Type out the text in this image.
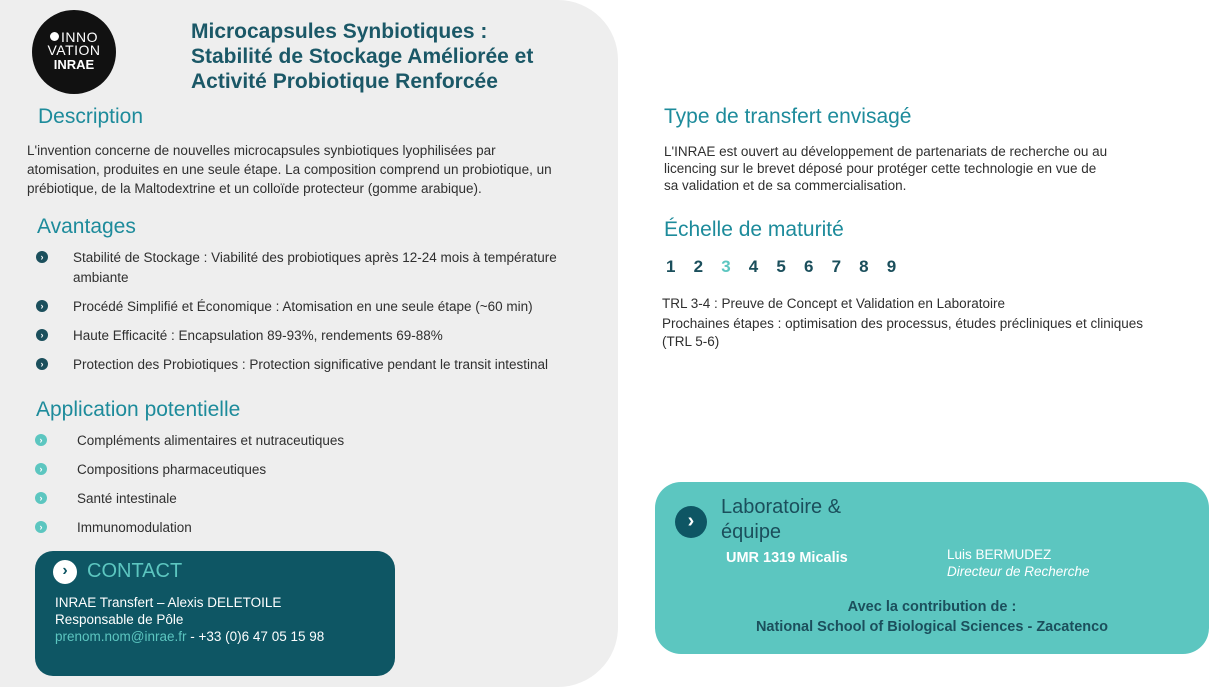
INNO
VATION
INRAE
Microcapsules Synbiotiques :
Stabilité de Stockage Améliorée et
Activité Probiotique Renforcée
Description
L'invention concerne de nouvelles microcapsules synbiotiques lyophilisées par
atomisation, produites en une seule étape. La composition comprend un probiotique, un
prébiotique, de la Maltodextrine et un colloïde protecteur (gomme arabique).
Avantages
›	Stabilité de Stockage : Viabilité des probiotiques après 12-24 mois à température
ambiante
›	Procédé Simplifié et Économique : Atomisation en une seule étape (~60 min)
›	Haute Efficacité : Encapsulation 89-93%, rendements 69-88%
›	Protection des Probiotiques : Protection significative pendant le transit intestinal
Application potentielle
›	Compléments alimentaires et nutraceutiques
›	Compositions pharmaceutiques
›	Santé intestinale
›	Immunomodulation
› CONTACT
INRAE Transfert – Alexis DELETOILE
Responsable de Pôle
prenom.nom@inrae.fr - +33 (0)6 47 05 15 98
Type de transfert envisagé
L'INRAE est ouvert au développement de partenariats de recherche ou au
licencing sur le brevet déposé pour protéger cette technologie en vue de
sa validation et de sa commercialisation.
Échelle de maturité
1	2	3	4	5	6	7	8	9
TRL 3-4 : Preuve de Concept et Validation en Laboratoire
Prochaines étapes : optimisation des processus, études précliniques et cliniques
(TRL 5-6)
›
Laboratoire &
équipe
UMR 1319 Micalis	Luis BERMUDEZ
Directeur de Recherche
Avec la contribution de :
National School of Biological Sciences - Zacatenco
